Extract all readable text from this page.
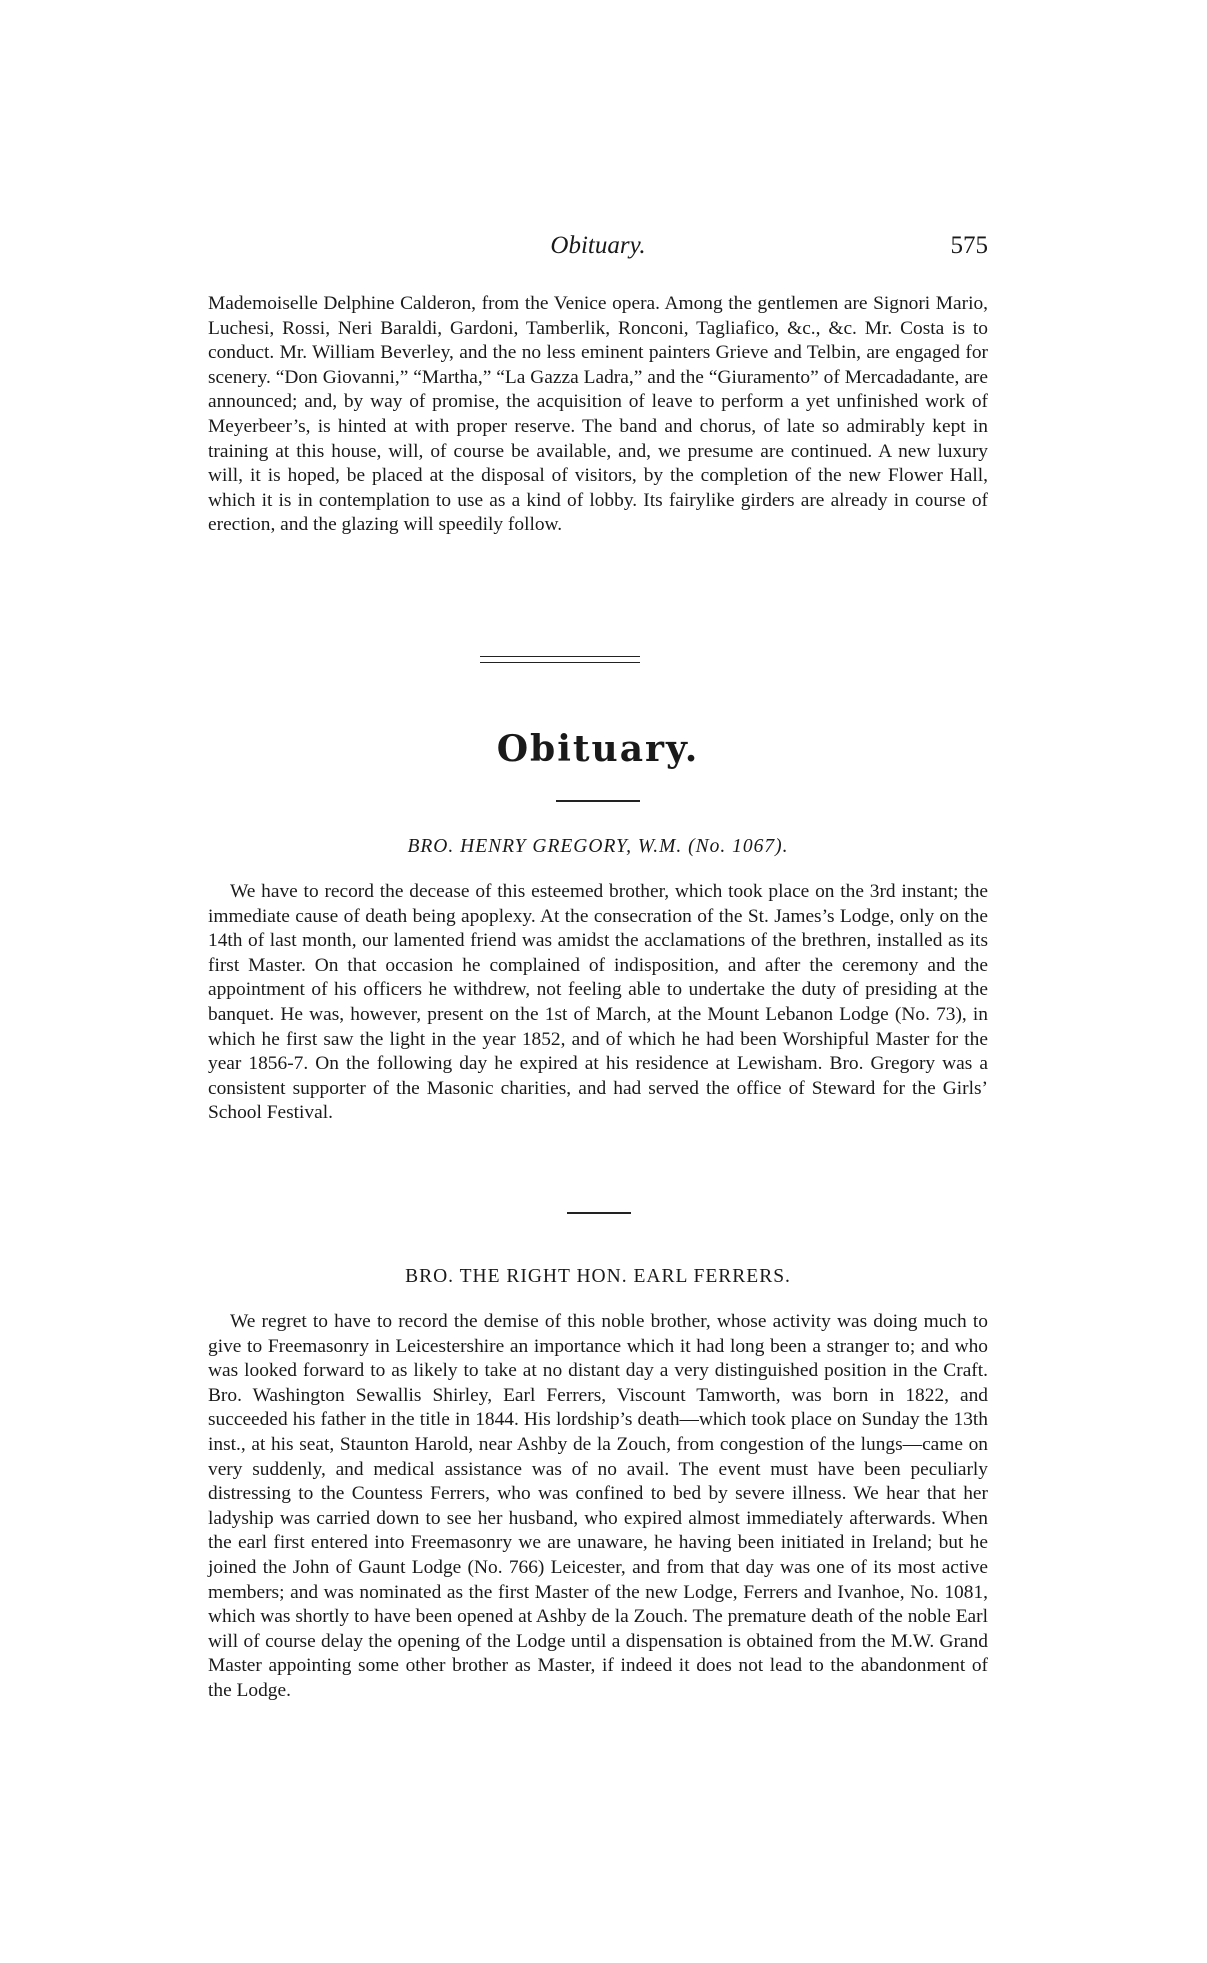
Obituary.	575

Mademoiselle Delphine Calderon, from the Venice opera. Among the gentlemen are Signori Mario, Luchesi, Rossi, Neri Baraldi, Gardoni, Tamberlik, Ronconi, Tagliafico, &c., &c. Mr. Costa is to conduct. Mr. William Beverley, and the no less eminent painters Grieve and Telbin, are engaged for scenery. “Don Giovanni,” “Martha,” “La Gazza Ladra,” and the “Giuramento” of Mercadadante, are announced; and, by way of promise, the acquisition of leave to perform a yet unfinished work of Meyerbeer’s, is hinted at with proper reserve. The band and chorus, of late so admirably kept in training at this house, will, of course be available, and, we presume are continued. A new luxury will, it is hoped, be placed at the disposal of visitors, by the completion of the new Flower Hall, which it is in contemplation to use as a kind of lobby. Its fairylike girders are already in course of erection, and the glazing will speedily follow.

Obituary.
BRO. HENRY GREGORY, W.M. (No. 1067).

We have to record the decease of this esteemed brother, which took place on the 3rd instant; the immediate cause of death being apoplexy. At the consecration of the St. James’s Lodge, only on the 14th of last month, our lamented friend was amidst the acclamations of the brethren, installed as its first Master. On that occasion he complained of indisposition, and after the ceremony and the appointment of his officers he withdrew, not feeling able to undertake the duty of presiding at the banquet. He was, however, present on the 1st of March, at the Mount Lebanon Lodge (No. 73), in which he first saw the light in the year 1852, and of which he had been Worshipful Master for the year 1856-7. On the following day he expired at his residence at Lewisham. Bro. Gregory was a consistent supporter of the Masonic charities, and had served the office of Steward for the Girls’ School Festival.

BRO. THE RIGHT HON. EARL FERRERS.

We regret to have to record the demise of this noble brother, whose activity was doing much to give to Freemasonry in Leicestershire an importance which it had long been a stranger to; and who was looked forward to as likely to take at no distant day a very distinguished position in the Craft. Bro. Washington Sewallis Shirley, Earl Ferrers, Viscount Tamworth, was born in 1822, and succeeded his father in the title in 1844. His lordship’s death—which took place on Sunday the 13th inst., at his seat, Staunton Harold, near Ashby de la Zouch, from congestion of the lungs—came on very suddenly, and medical assistance was of no avail. The event must have been peculiarly distressing to the Countess Ferrers, who was confined to bed by severe illness. We hear that her ladyship was carried down to see her husband, who expired almost immediately afterwards. When the earl first entered into Freemasonry we are unaware, he having been initiated in Ireland; but he joined the John of Gaunt Lodge (No. 766) Leicester, and from that day was one of its most active members; and was nominated as the first Master of the new Lodge, Ferrers and Ivanhoe, No. 1081, which was shortly to have been opened at Ashby de la Zouch. The premature death of the noble Earl will of course delay the opening of the Lodge until a dispensation is obtained from the M.W. Grand Master appointing some other brother as Master, if indeed it does not lead to the abandonment of the Lodge.
